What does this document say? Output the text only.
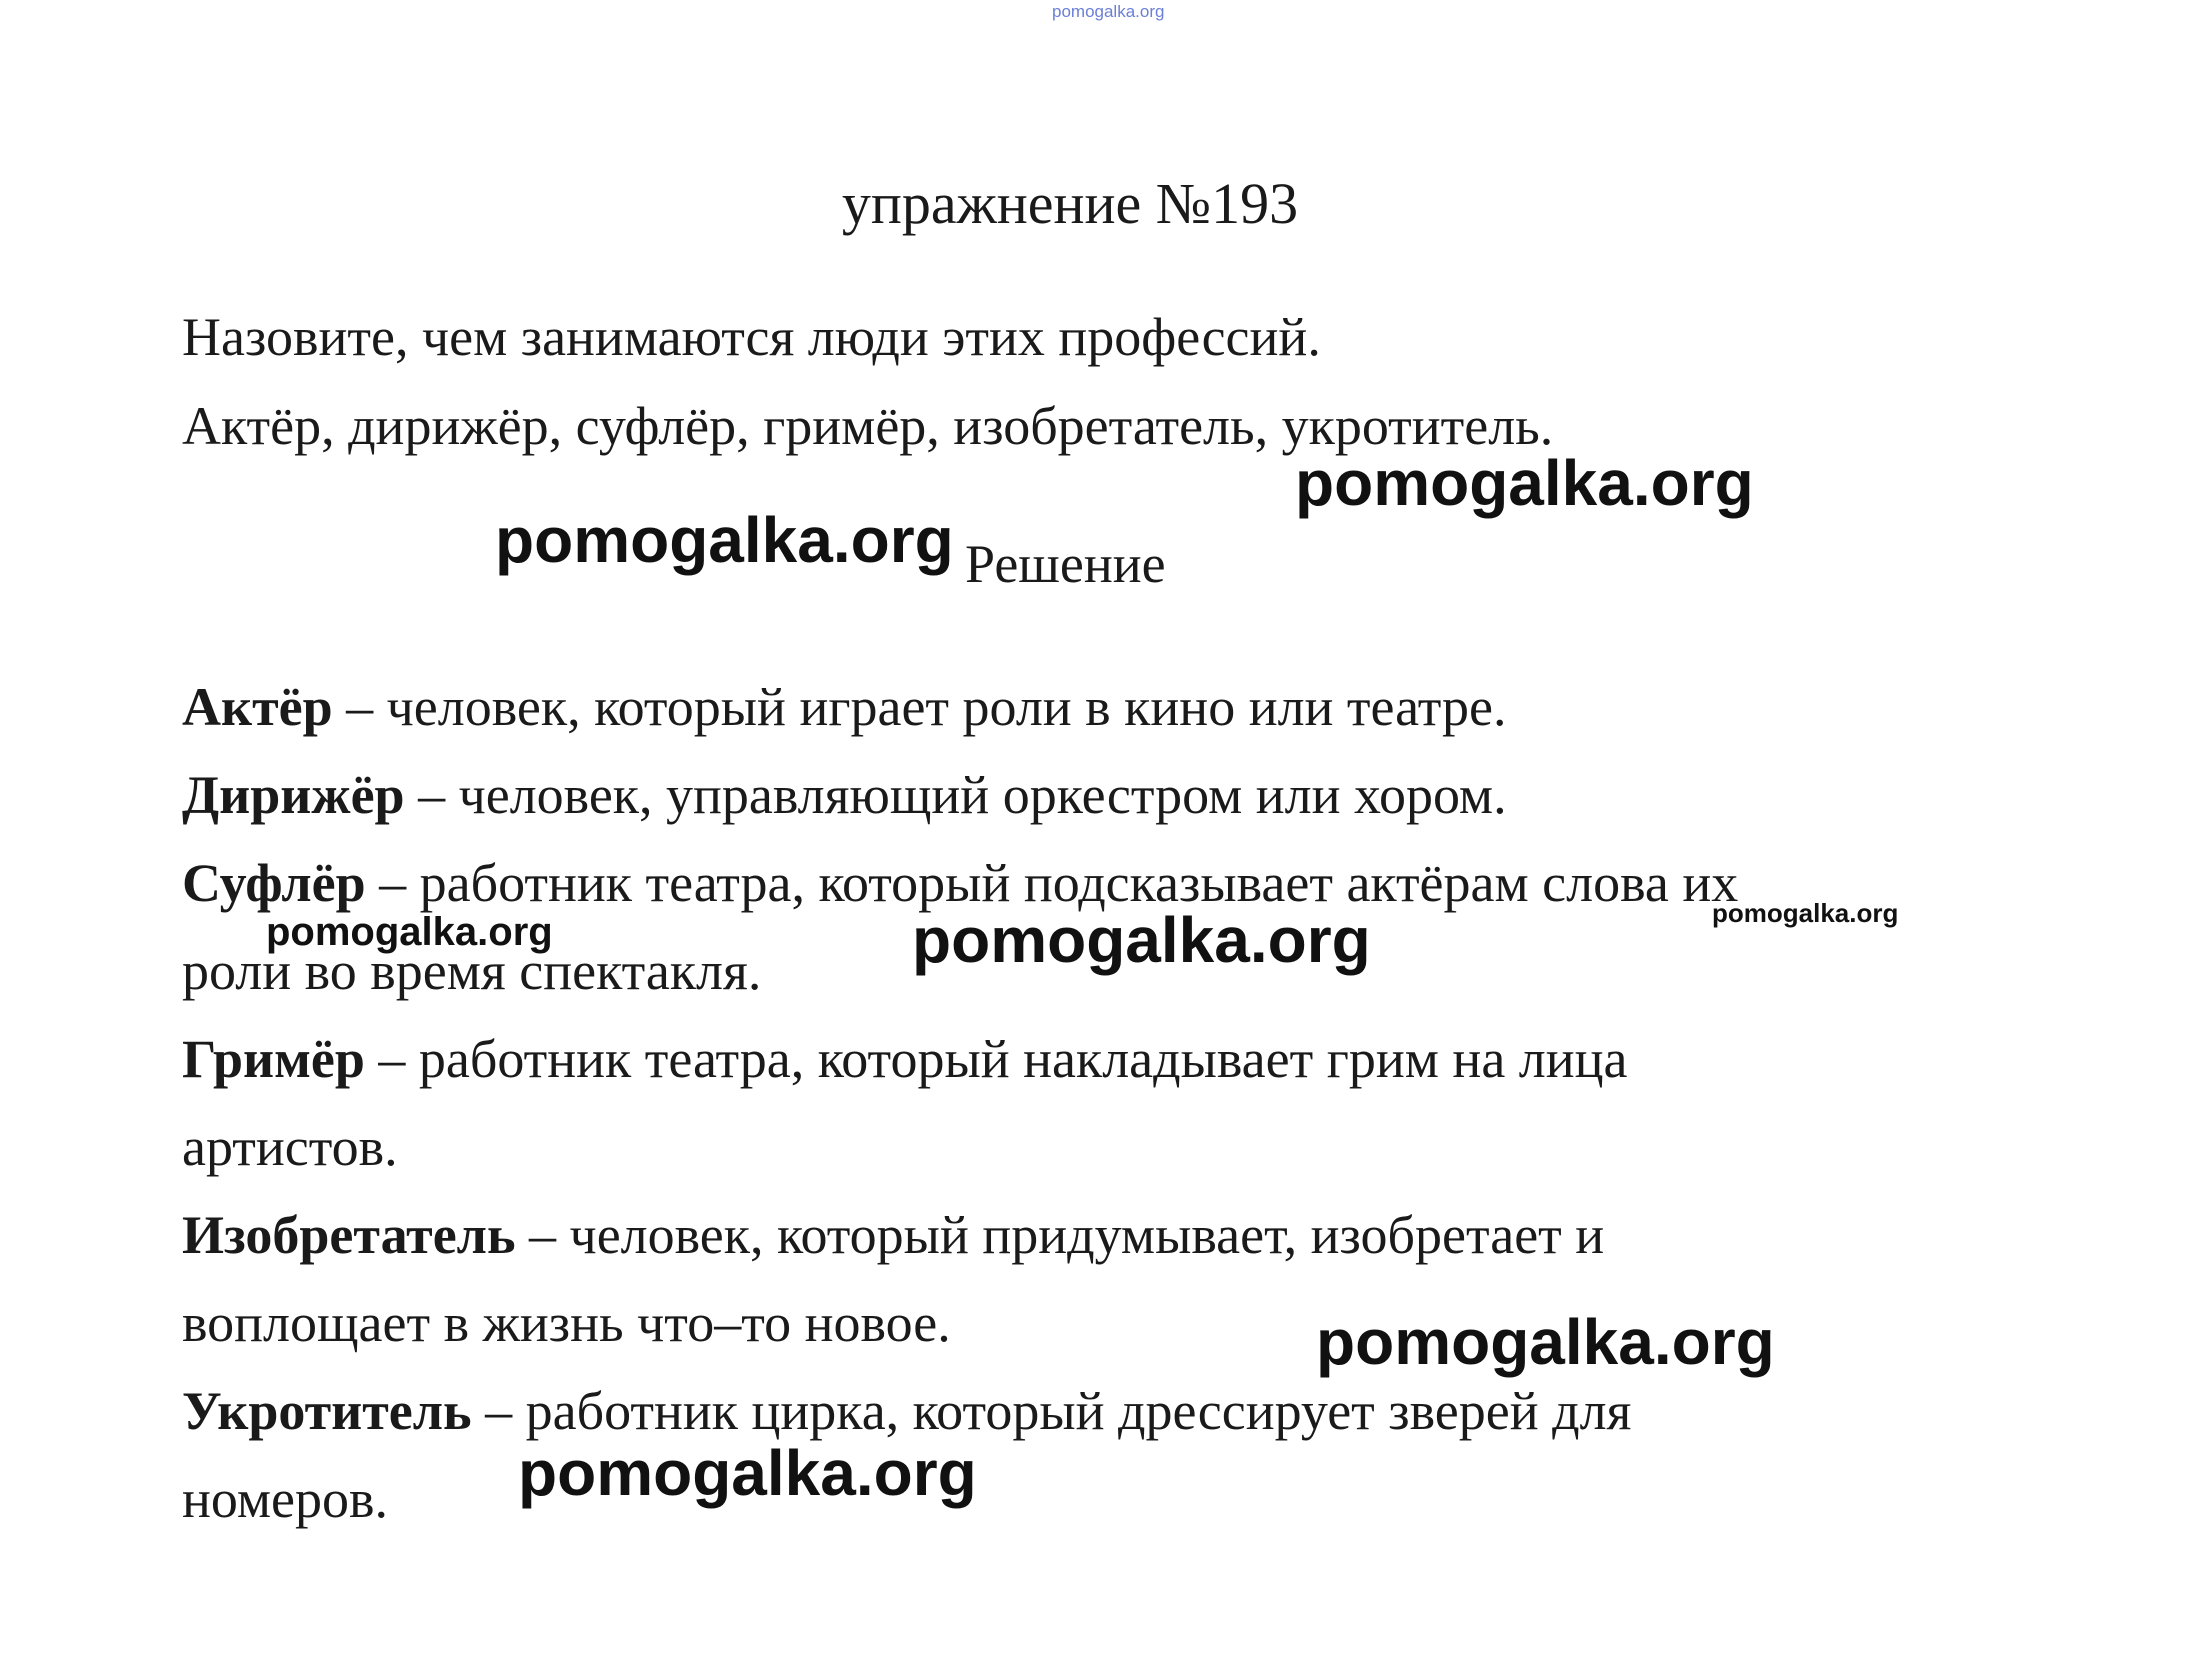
pomogalka.org
упражнение №193
Назовите, чем занимаются люди этих профессий.
Актёр, дирижёр, суфлёр, гримёр, изобретатель, укротитель.
Решение
Актёр – человек, который играет роли в кино или театре.
Дирижёр – человек, управляющий оркестром или хором.
Суфлёр – работник театра, который подсказывает актёрам слова их
роли во время спектакля.
Гримёр – работник театра, который накладывает грим на лица
артистов.
Изобретатель – человек, который придумывает, изобретает и
воплощает в жизнь что–то новое.
Укротитель – работник цирка, который дрессирует зверей для
номеров.
pomogalka.org
pomogalka.org
pomogalka.org	pomogalka.org	pomogalka.org
pomogalka.org
pomogalka.org
